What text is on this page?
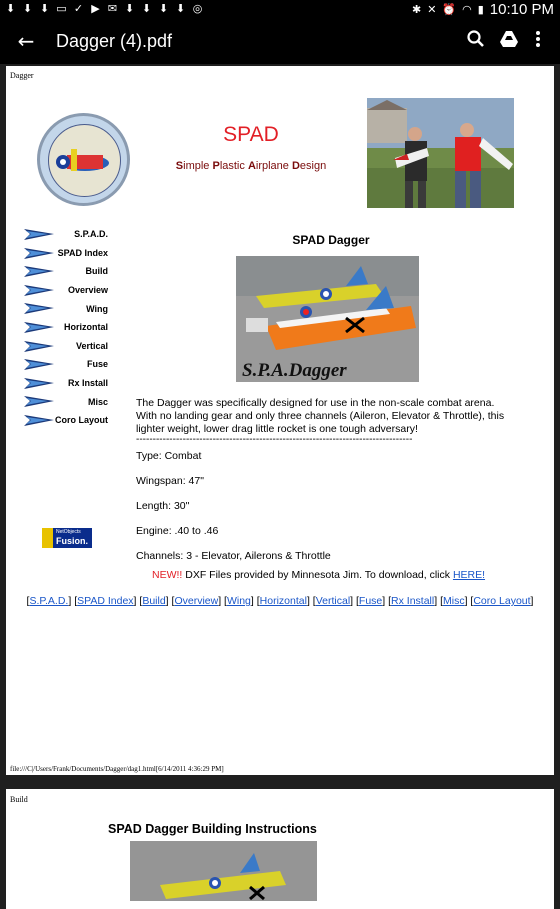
⬇ ⬇ ⬇ ▭ ✓ ▶ ✉ ⬇ ⬇ ⬇ ⬇ ◎	✱ ✕ ⏰ ◠ ▮ 10:10 PM
← Dagger (4).pdf
Dagger
SPAD
Simple Plastic Airplane Design
S.P.A.D.
SPAD Index
Build
Overview
Wing
Horizontal
Vertical
Fuse
Rx Install
Misc
Coro Layout
NetObjects
Fusion.
SPAD Dagger
S.P.A.Dagger
The Dagger was specifically designed for use in the non-scale combat arena. With no landing gear and only three channels (Aileron, Elevator & Throttle), this lighter weight, lower drag little rocket is one tough adversary!
-----------------------------------------------------------------------------------
Type: Combat
Wingspan: 47"
Length: 30"
Engine: .40 to .46
Channels: 3 - Elevator, Ailerons & Throttle
NEW!! DXF Files provided by Minnesota Jim. To download, click HERE!
[S.P.A.D.] [SPAD Index] [Build] [Overview] [Wing] [Horizontal] [Vertical] [Fuse] [Rx Install] [Misc] [Coro Layout]
file:///C|/Users/Frank/Documents/Dagger/dag1.html[6/14/2011 4:36:29 PM]
Build
SPAD Dagger Building Instructions
